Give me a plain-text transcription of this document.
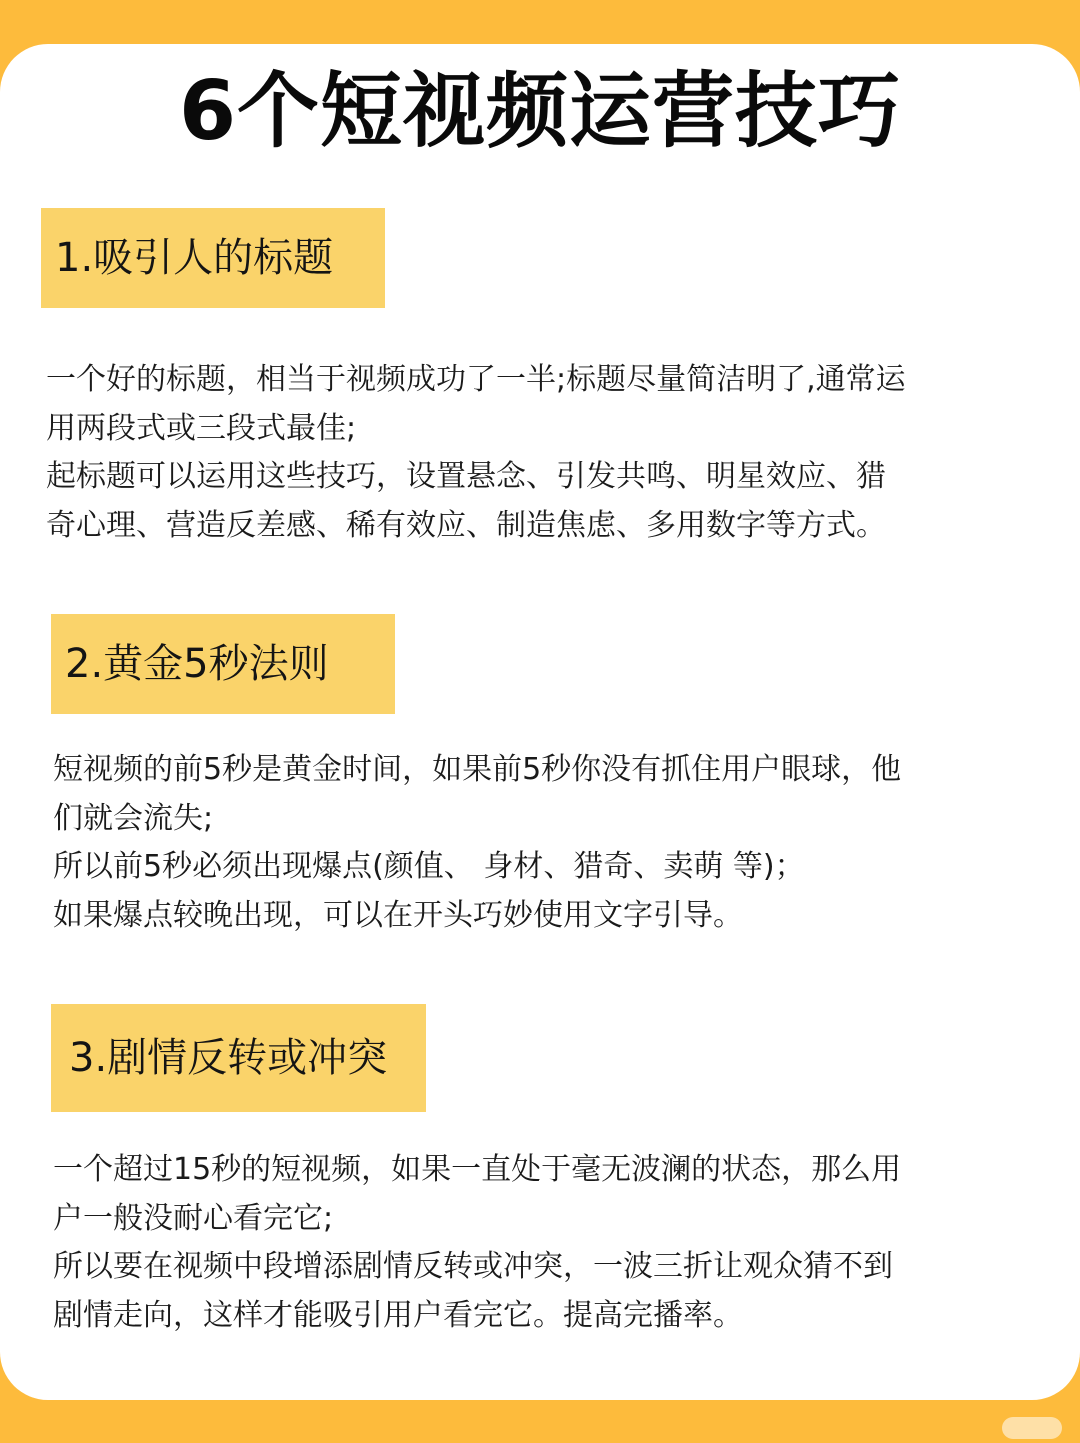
6个短视频运营技巧
1.吸引人的标题
一个好的标题，相当于视频成功了一半;标题尽量简洁明了,通常运
用两段式或三段式最佳;
起标题可以运用这些技巧，设置悬念、引发共鸣、明星效应、猎
奇心理、营造反差感、稀有效应、制造焦虑、多用数字等方式。
2.黄金5秒法则
短视频的前5秒是黄金时间，如果前5秒你没有抓住用户眼球，他
们就会流失;
所以前5秒必须出现爆点(颜值、 身材、猎奇、卖萌 等)；
如果爆点较晚出现，可以在开头巧妙使用文字引导。
3.剧情反转或冲突
一个超过15秒的短视频，如果一直处于毫无波澜的状态，那么用
户一般没耐心看完它;
所以要在视频中段增添剧情反转或冲突，一波三折让观众猜不到
剧情走向，这样才能吸引用户看完它。提高完播率。
